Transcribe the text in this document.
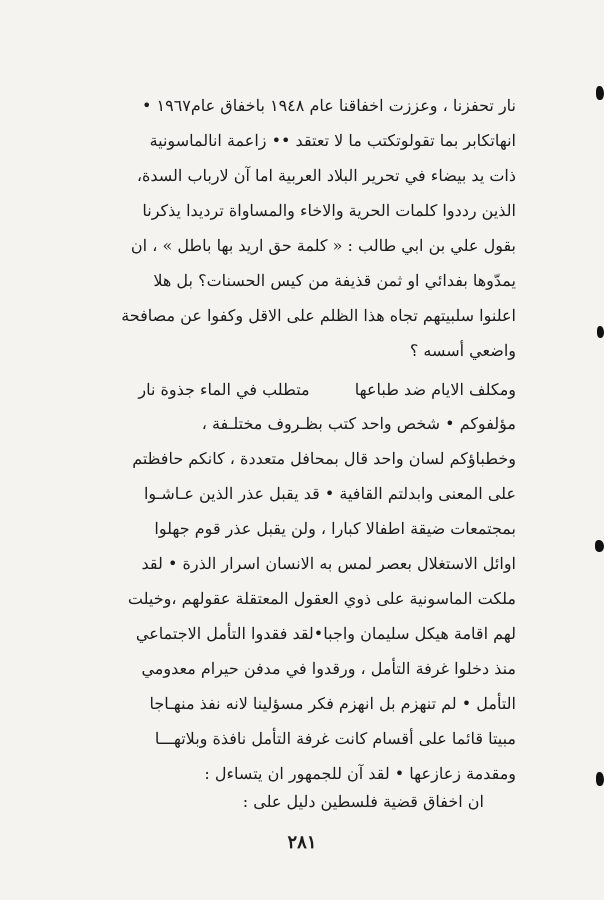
نار تحفزنا ، وعززت اخفاقنا عام ١٩٤٨ باخفاق عام١٩٦٧ •
انهاتكابر بما تقولوتكتب ما لا تعتقد •• زاعمة انالماسونية
ذات يد بيضاء في تحرير البلاد العربية اما آن لارباب السدة،
الذين رددوا كلمات الحرية والاخاء والمساواة ترديدا يذكرنا
بقول علي بن ابي طالب : « كلمة حق اريد بها باطل » ، ان
يمدّوها بفدائي او ثمن قذيفة من كيس الحسنات؟ بل هلا
اعلنوا سلبيتهم تجاه هذا الظلم على الاقل وكفوا عن مصافحة
واضعي أسسه ؟
ومكلف الايام ضد طباعها متطلب في الماء جذوة نار
مؤلفوكم • شخص واحد كتب بظـروف مختلـفة ،
وخطباؤكم لسان واحد قال بمحافل متعددة ، كانكم حافظتم
على المعنى وابدلتم القافية • قد يقبل عذر الذين عـاشـوا
بمجتمعات ضيقة اطفالا كبارا ، ولن يقبل عذر قوم جهلوا
اوائل الاستغلال بعصر لمس به الانسان اسرار الذرة • لقد
ملكت الماسونية على ذوي العقول المعتقلة عقولهم ،وخيلت
لهم اقامة هيكل سليمان واجبا•لقد فقدوا التأمل الاجتماعي
منذ دخلوا غرفة التأمل ، ورقدوا في مدفن حيرام معدومي
التأمل • لم تنهزم بل انهزم فكر مسؤلينا لانه نفذ منهـاجا
مبيتا قائما على أقسام كانت غرفة التأمل نافذة وبلاتهـــا
ومقدمة زعازعها • لقد آن للجمهور ان يتساءل :
ان اخفاق قضية فلسطين دليل على :
٢٨١
